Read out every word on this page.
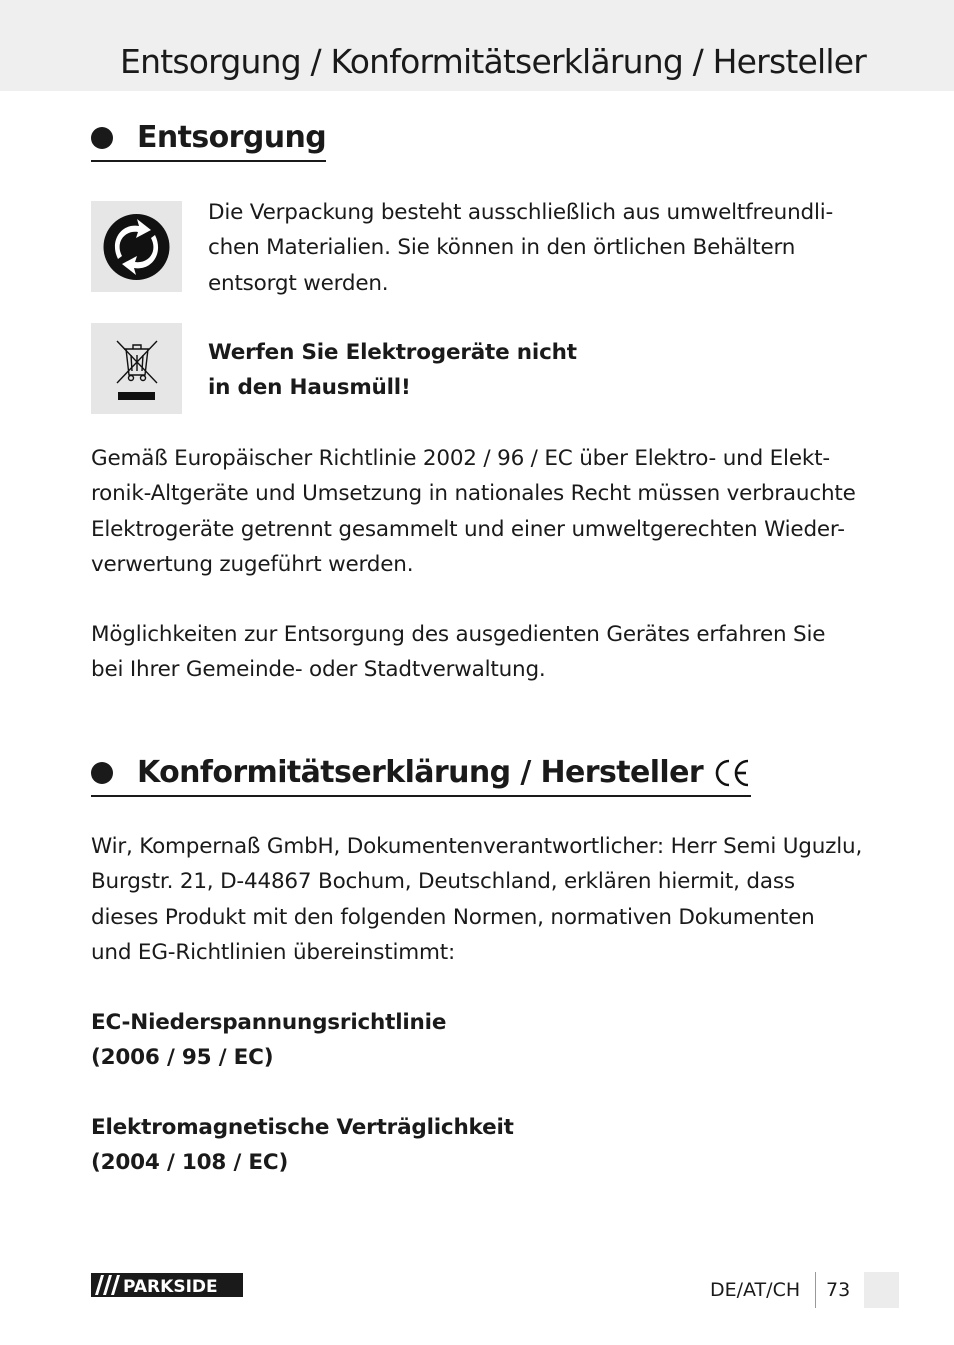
Entsorgung / Konformitätserklärung / Hersteller
Entsorgung
Die Verpackung besteht ausschließlich aus umweltfreundli-
chen Materialien. Sie können in den örtlichen Behältern
entsorgt werden.
Werfen Sie Elektrogeräte nicht
in den Hausmüll!
Gemäß Europäischer Richtlinie 2002 / 96 / EC über Elektro- und Elekt-
ronik-Altgeräte und Umsetzung in nationales Recht müssen verbrauchte
Elektrogeräte getrennt gesammelt und einer umweltgerechten Wieder-
verwertung zugeführt werden.
Möglichkeiten zur Entsorgung des ausgedienten Gerätes erfahren Sie
bei Ihrer Gemeinde- oder Stadtverwaltung.
Konformitätserklärung / Hersteller
Wir, Kompernaß GmbH, Dokumentenverantwortlicher: Herr Semi Uguzlu,
Burgstr. 21, D-44867 Bochum, Deutschland, erklären hiermit, dass
dieses Produkt mit den folgenden Normen, normativen Dokumenten
und EG-Richtlinien übereinstimmt:
EC-Niederspannungsrichtlinie
(2006 / 95 / EC)
Elektromagnetische Verträglichkeit
(2004 / 108 / EC)
PARKSIDE	DE/AT/CH 73
